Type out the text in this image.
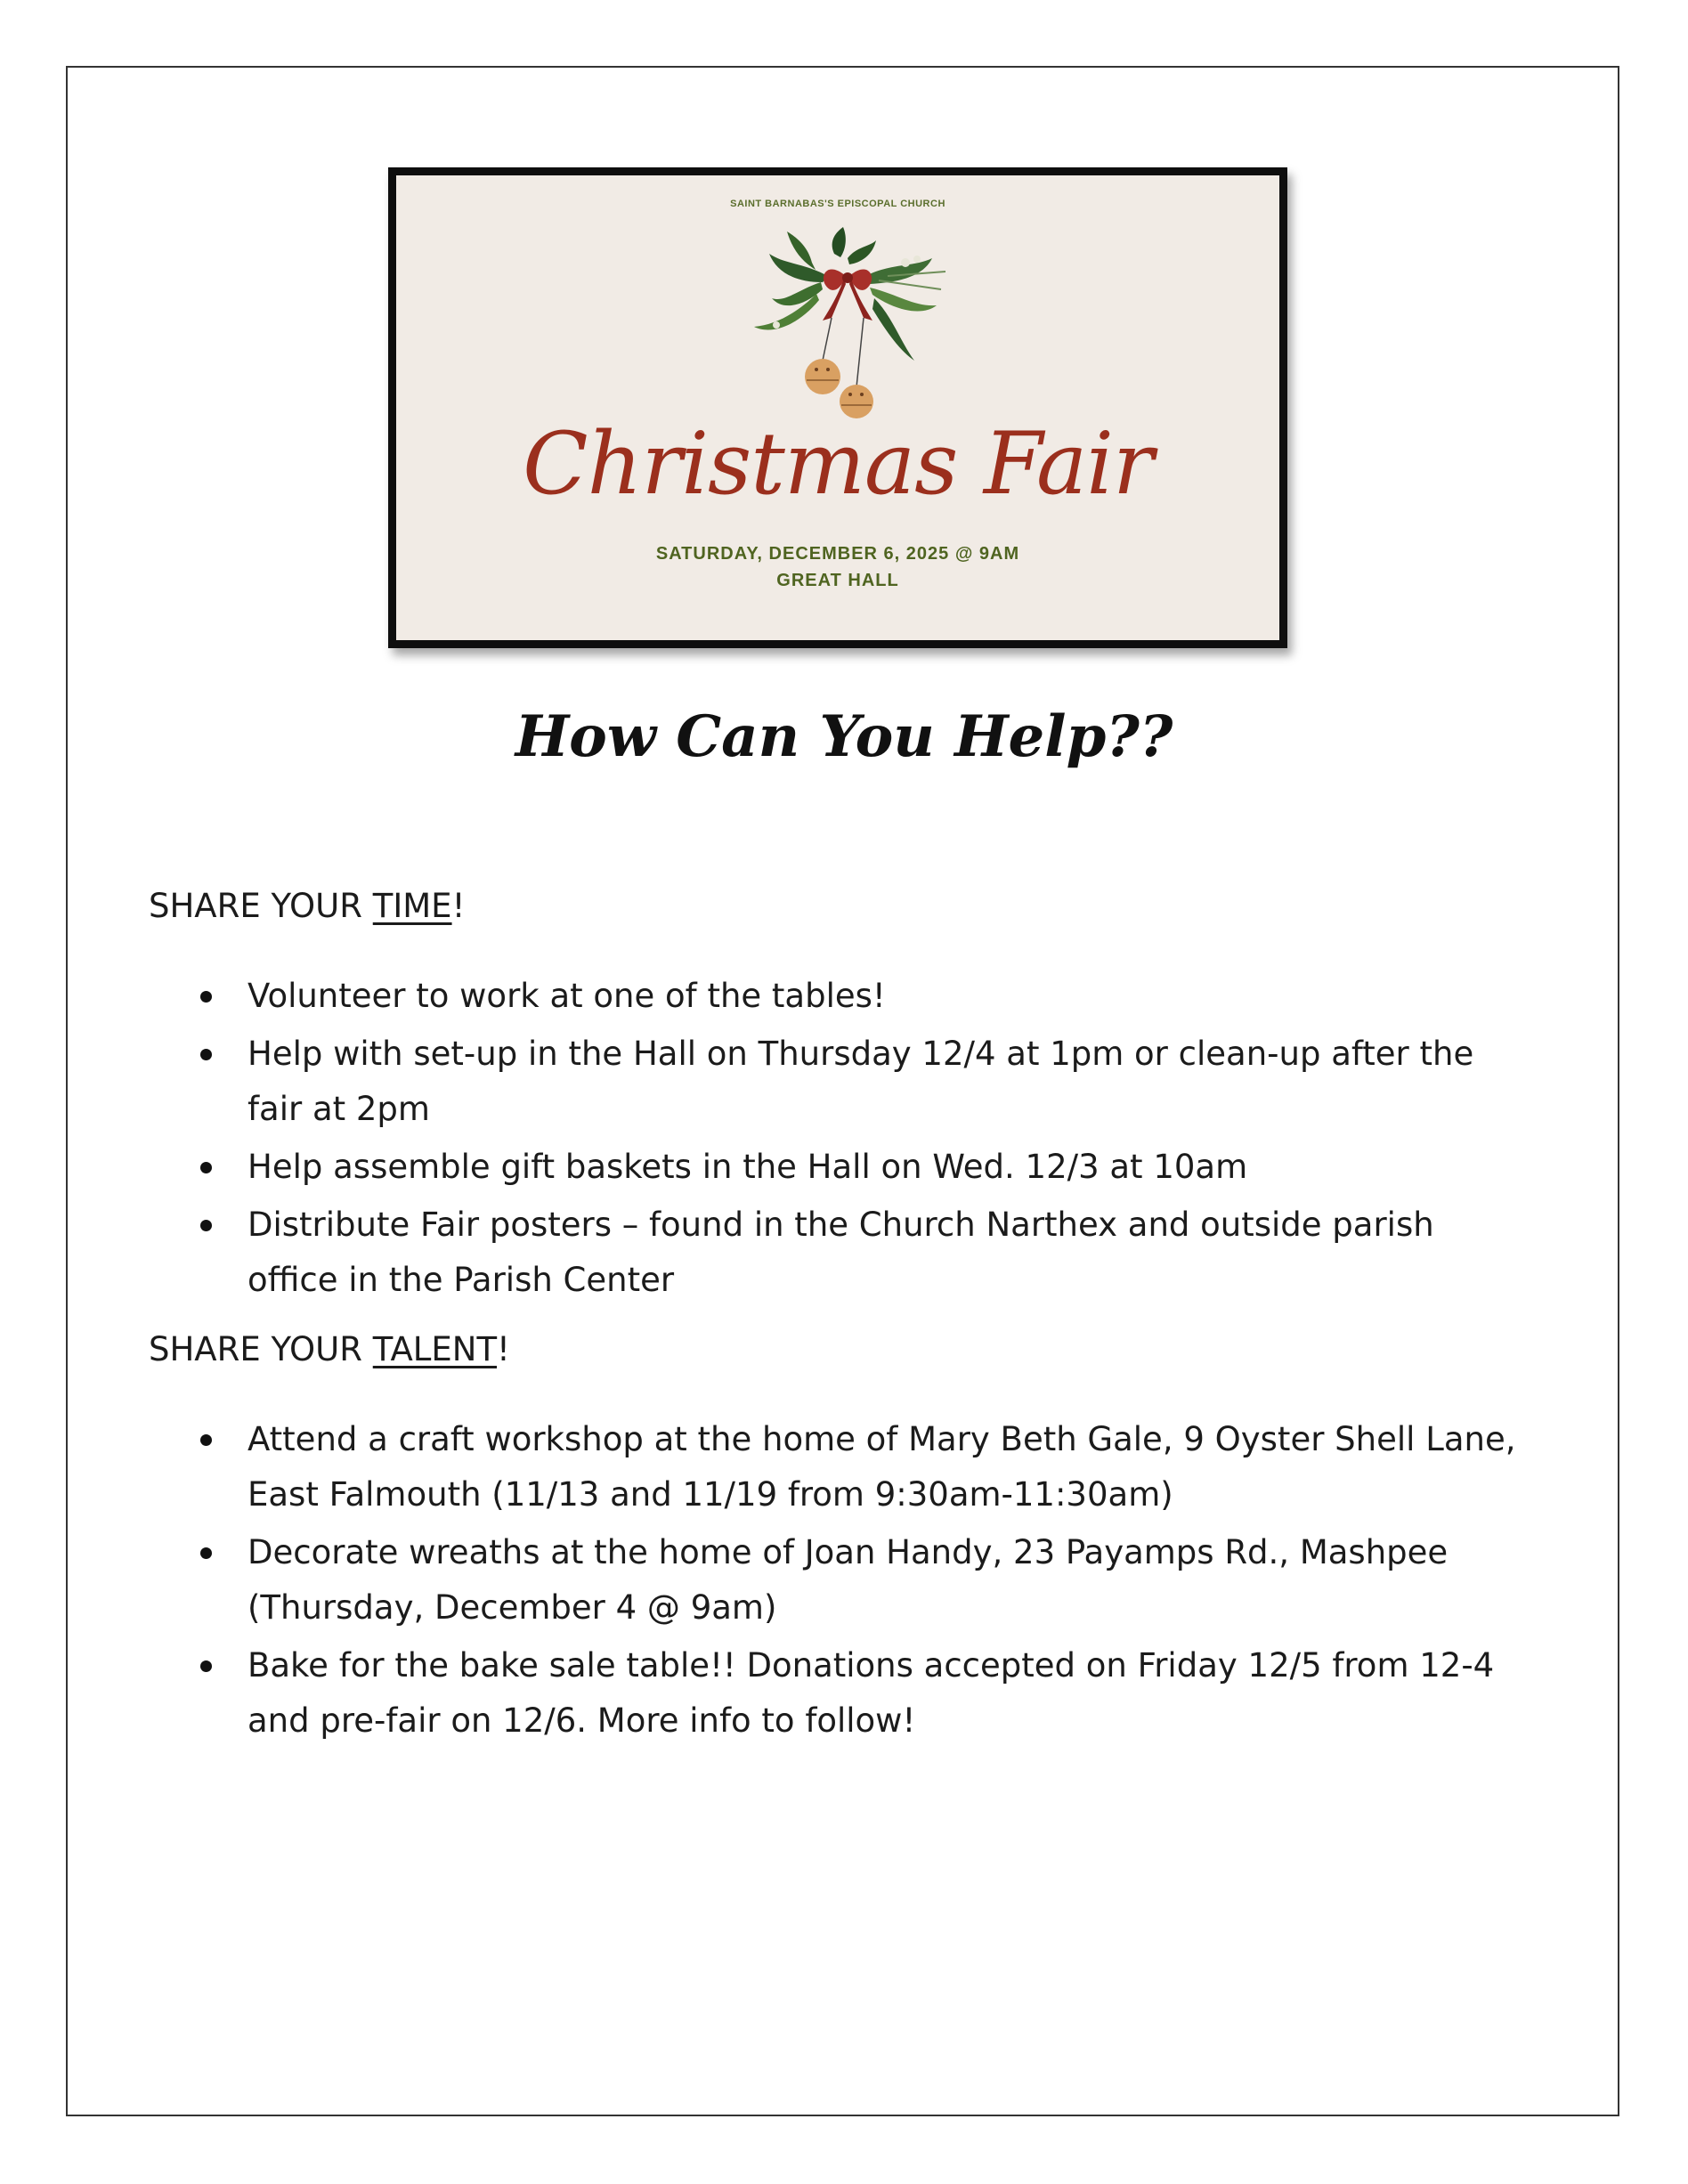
SAINT BARNABAS'S EPISCOPAL CHURCH
Christmas Fair
SATURDAY, DECEMBER 6, 2025 @ 9AM
GREAT HALL
How Can You Help??
SHARE YOUR TIME!
Volunteer to work at one of the tables!
Help with set-up in the Hall on Thursday 12/4 at 1pm or clean-up after the fair at 2pm
Help assemble gift baskets in the Hall on Wed. 12/3 at 10am
Distribute Fair posters – found in the Church Narthex and outside parish office in the Parish Center
SHARE YOUR TALENT!
Attend a craft workshop at the home of Mary Beth Gale, 9 Oyster Shell Lane, East Falmouth (11/13 and 11/19 from 9:30am-11:30am)
Decorate wreaths at the home of Joan Handy, 23 Payamps Rd., Mashpee (Thursday, December 4 @ 9am)
Bake for the bake sale table!! Donations accepted on Friday 12/5 from 12-4 and pre-fair on 12/6. More info to follow!
